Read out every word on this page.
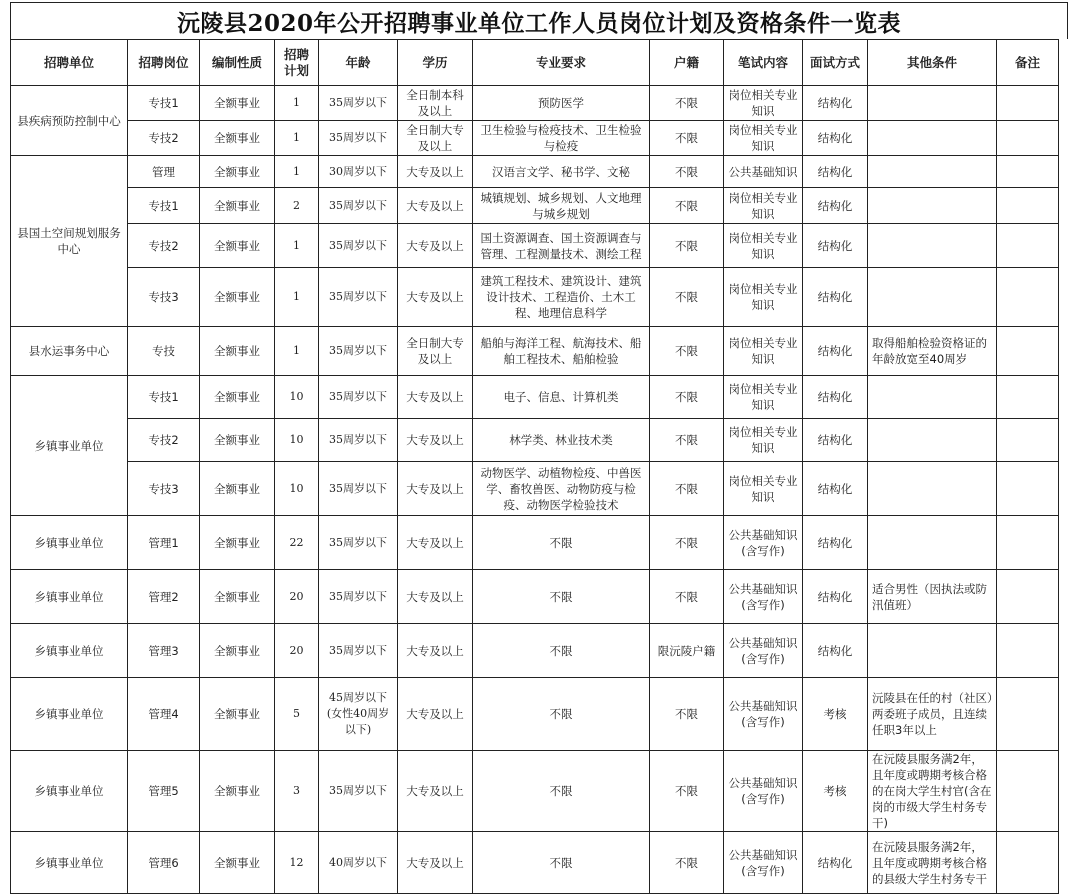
沅陵县2020年公开招聘事业单位工作人员岗位计划及资格条件一览表
招聘单位	招聘岗位	编制性质	招聘计划	年龄	学历	专业要求	户籍	笔试内容	面试方式	其他条件	备注
县疾病预防控制中心	专技1	全额事业	1	35周岁以下	全日制本科及以上	预防医学	不限	岗位相关专业知识	结构化		
	专技2	全额事业	1	35周岁以下	全日制大专及以上	卫生检验与检疫技术、卫生检验与检疫	不限	岗位相关专业知识	结构化		
县国土空间规划服务中心	管理	全额事业	1	30周岁以下	大专及以上	汉语言文学、秘书学、文秘	不限	公共基础知识	结构化		
	专技1	全额事业	2	35周岁以下	大专及以上	城镇规划、城乡规划、人文地理与城乡规划	不限	岗位相关专业知识	结构化		
	专技2	全额事业	1	35周岁以下	大专及以上	国土资源调查、国土资源调查与管理、工程测量技术、测绘工程	不限	岗位相关专业知识	结构化		
	专技3	全额事业	1	35周岁以下	大专及以上	建筑工程技术、建筑设计、建筑设计技术、工程造价、土木工程、地理信息科学	不限	岗位相关专业知识	结构化		
县水运事务中心	专技	全额事业	1	35周岁以下	全日制大专及以上	船舶与海洋工程、航海技术、船舶工程技术、船舶检验	不限	岗位相关专业知识	结构化	取得船舶检验资格证的年龄放宽至40周岁	
乡镇事业单位	专技1	全额事业	10	35周岁以下	大专及以上	电子、信息、计算机类	不限	岗位相关专业知识	结构化		
	专技2	全额事业	10	35周岁以下	大专及以上	林学类、林业技术类	不限	岗位相关专业知识	结构化		
	专技3	全额事业	10	35周岁以下	大专及以上	动物医学、动植物检疫、中兽医学、畜牧兽医、动物防疫与检疫、动物医学检验技术	不限	岗位相关专业知识	结构化		
乡镇事业单位	管理1	全额事业	22	35周岁以下	大专及以上	不限	不限	公共基础知识(含写作)	结构化		
乡镇事业单位	管理2	全额事业	20	35周岁以下	大专及以上	不限	不限	公共基础知识(含写作)	结构化	适合男性（因执法或防汛值班）	
乡镇事业单位	管理3	全额事业	20	35周岁以下	大专及以上	不限	限沅陵户籍	公共基础知识(含写作)	结构化		
乡镇事业单位	管理4	全额事业	5	45周岁以下 (女性40周岁以下)	大专及以上	不限	不限	公共基础知识(含写作)	考核	沅陵县在任的村（社区）两委班子成员，且连续任职3年以上	
乡镇事业单位	管理5	全额事业	3	35周岁以下	大专及以上	不限	不限	公共基础知识(含写作)	考核	在沅陵县服务满2年，且年度或聘期考核合格的在岗大学生村官(含在岗的市级大学生村务专干)	
乡镇事业单位	管理6	全额事业	12	40周岁以下	大专及以上	不限	不限	公共基础知识(含写作)	结构化	在沅陵县服务满2年，且年度或聘期考核合格的县级大学生村务专干	
